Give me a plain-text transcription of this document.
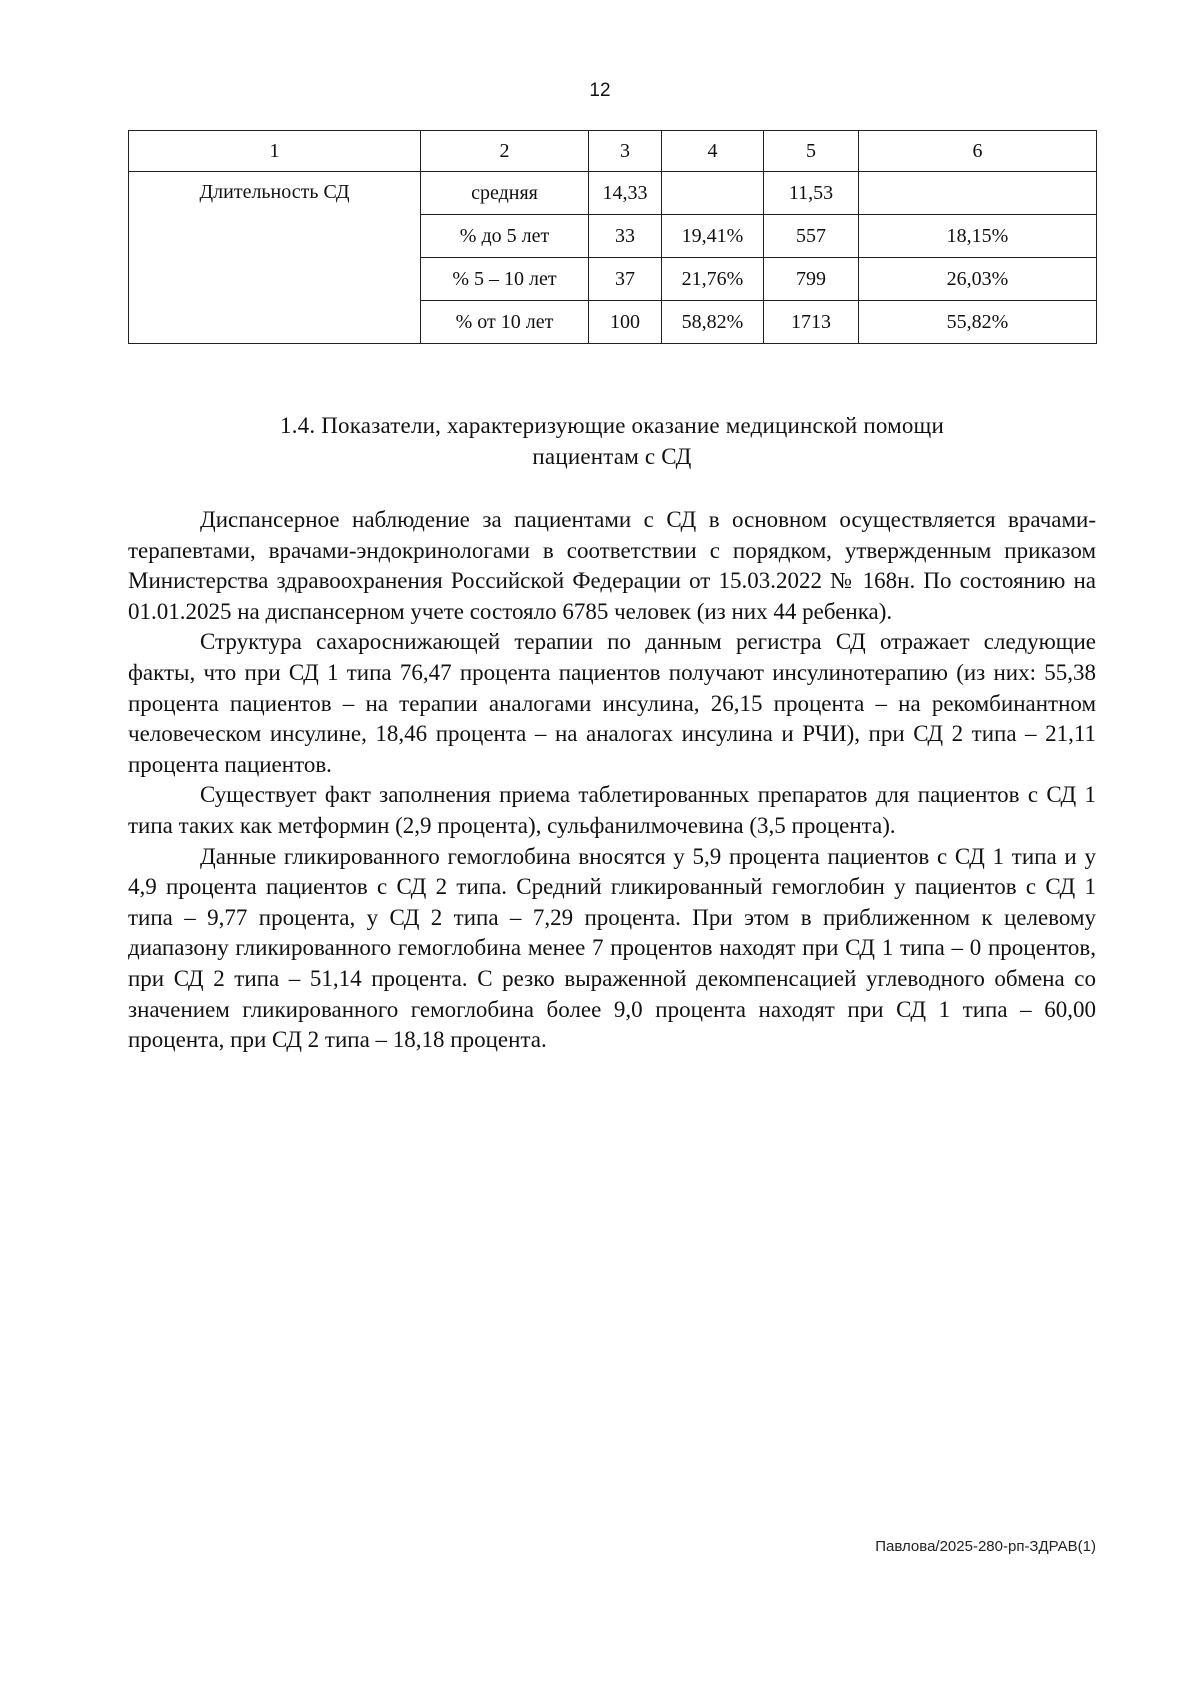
12
1	2	3	4	5	6
Длительность СД	средняя	14,33		11,53	
	% до 5 лет	33	19,41%	557	18,15%
	% 5 – 10 лет	37	21,76%	799	26,03%
	% от 10 лет	100	58,82%	1713	55,82%
1.4. Показатели, характеризующие оказание медицинской помощи
пациентам с СД

Диспансерное наблюдение за пациентами с СД в основном осуществляется врачами-терапевтами, врачами-эндокринологами в соответствии с порядком, утвержденным приказом Министерства здравоохранения Российской Федерации от 15.03.2022 № 168н. По состоянию на 01.01.2025 на диспансерном учете состояло 6785 человек (из них 44 ребенка).

Структура сахароснижающей терапии по данным регистра СД отражает следующие факты, что при СД 1 типа 76,47 процента пациентов получают инсулинотерапию (из них: 55,38 процента пациентов – на терапии аналогами инсулина, 26,15 процента – на рекомбинантном человеческом инсулине, 18,46 процента – на аналогах инсулина и РЧИ), при СД 2 типа – 21,11 процента пациентов.

Существует факт заполнения приема таблетированных препаратов для пациентов с СД 1 типа таких как метформин (2,9 процента), сульфанилмочевина (3,5 процента).

Данные гликированного гемоглобина вносятся у 5,9 процента пациентов с СД 1 типа и у 4,9 процента пациентов с СД 2 типа. Средний гликированный гемоглобин у пациентов с СД 1 типа – 9,77 процента, у СД 2 типа – 7,29 процента. При этом в приближенном к целевому диапазону гликированного гемоглобина менее 7 процентов находят при СД 1 типа – 0 процентов, при СД 2 типа – 51,14 процента. С резко выраженной декомпенсацией углеводного обмена со значением гликированного гемоглобина более 9,0 процента находят при СД 1 типа – 60,00 процента, при СД 2 типа – 18,18 процента.

Павлова/2025-280-рп-ЗДРАВ(1)
